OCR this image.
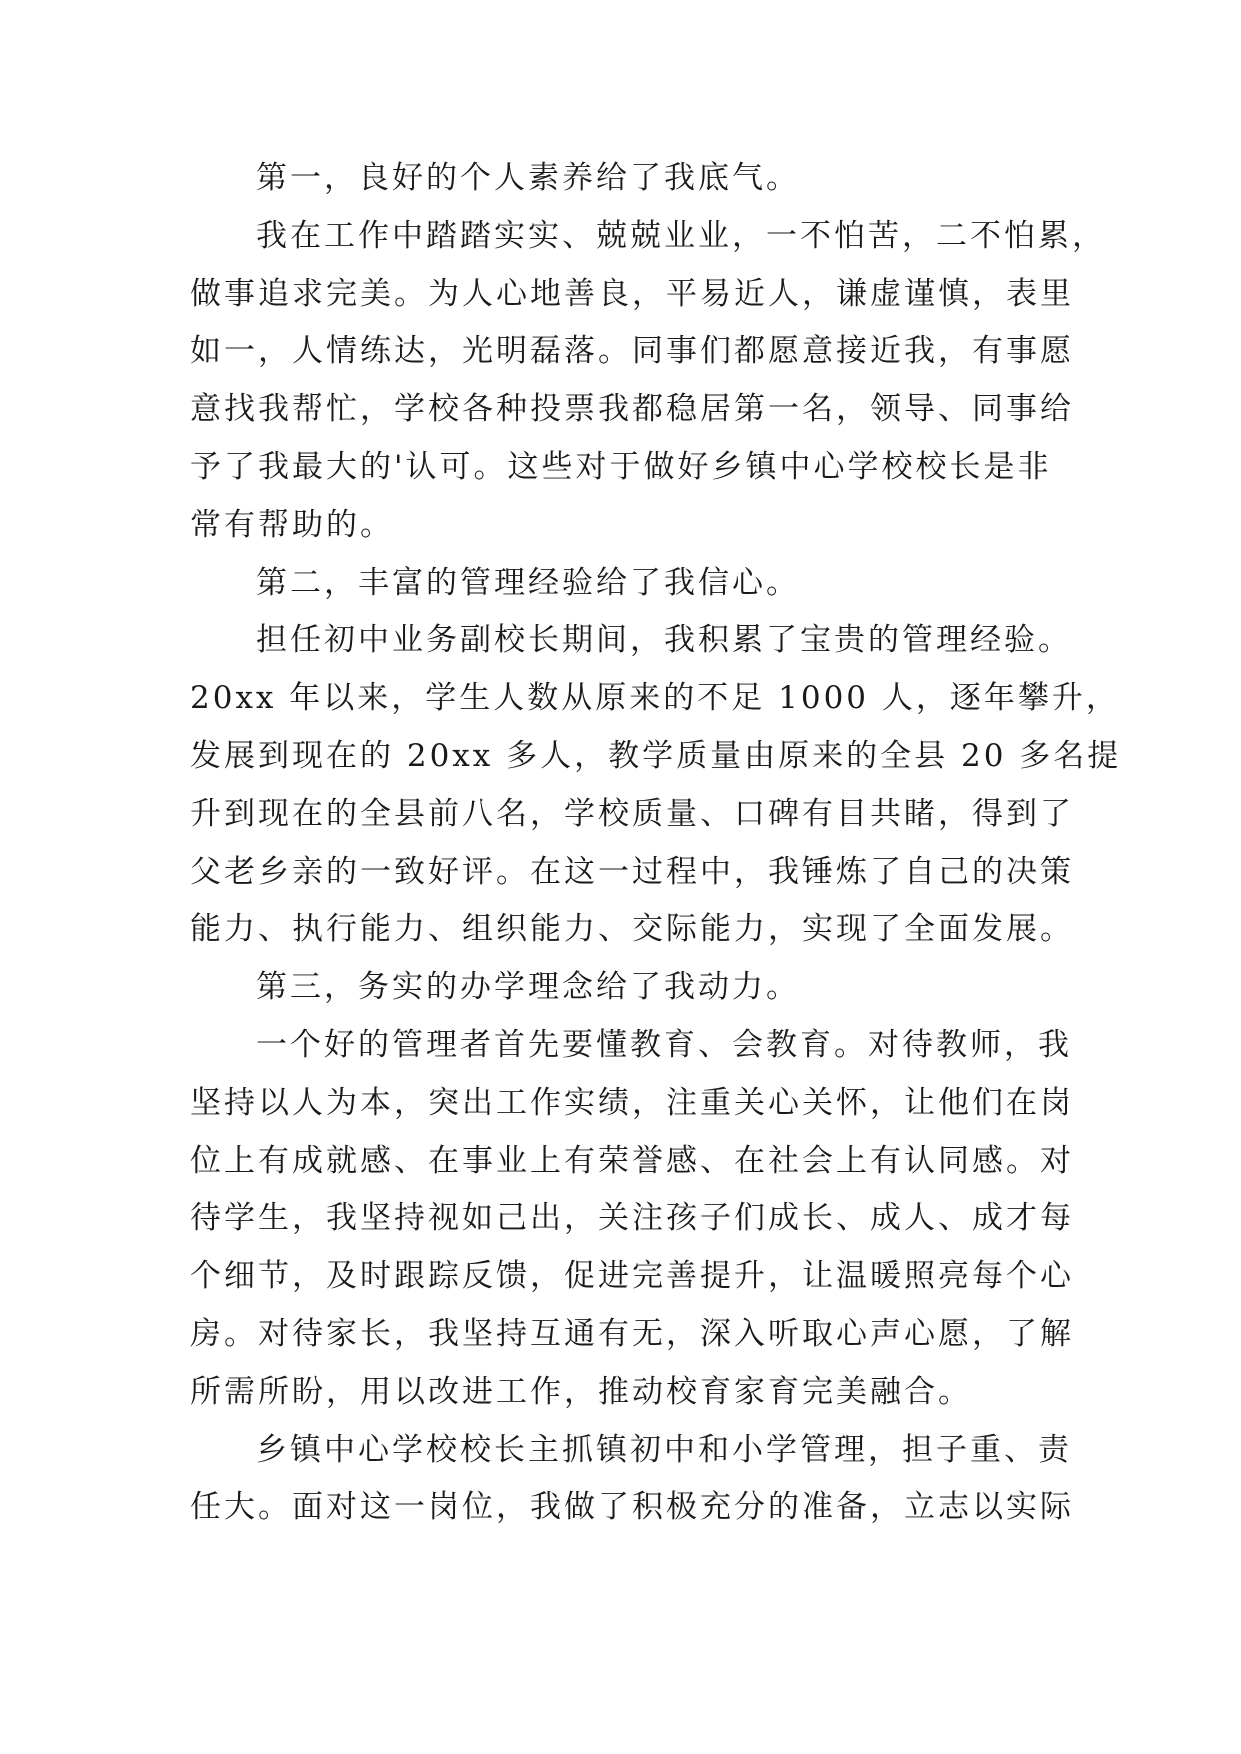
第一，良好的个人素养给了我底气。
我在工作中踏踏实实、兢兢业业，一不怕苦，二不怕累，
做事追求完美。为人心地善良，平易近人，谦虚谨慎，表里
如一，人情练达，光明磊落。同事们都愿意接近我，有事愿
意找我帮忙，学校各种投票我都稳居第一名，领导、同事给
予了我最大的'认可。这些对于做好乡镇中心学校校长是非
常有帮助的。
第二，丰富的管理经验给了我信心。
担任初中业务副校长期间，我积累了宝贵的管理经验。
20xx 年以来，学生人数从原来的不足 1000 人，逐年攀升，
发展到现在的 20xx 多人，教学质量由原来的全县 20 多名提
升到现在的全县前八名，学校质量、口碑有目共睹，得到了
父老乡亲的一致好评。在这一过程中，我锤炼了自己的决策
能力、执行能力、组织能力、交际能力，实现了全面发展。
第三，务实的办学理念给了我动力。
一个好的管理者首先要懂教育、会教育。对待教师，我
坚持以人为本，突出工作实绩，注重关心关怀，让他们在岗
位上有成就感、在事业上有荣誉感、在社会上有认同感。对
待学生，我坚持视如己出，关注孩子们成长、成人、成才每
个细节，及时跟踪反馈，促进完善提升，让温暖照亮每个心
房。对待家长，我坚持互通有无，深入听取心声心愿，了解
所需所盼，用以改进工作，推动校育家育完美融合。
乡镇中心学校校长主抓镇初中和小学管理，担子重、责
任大。面对这一岗位，我做了积极充分的准备，立志以实际
